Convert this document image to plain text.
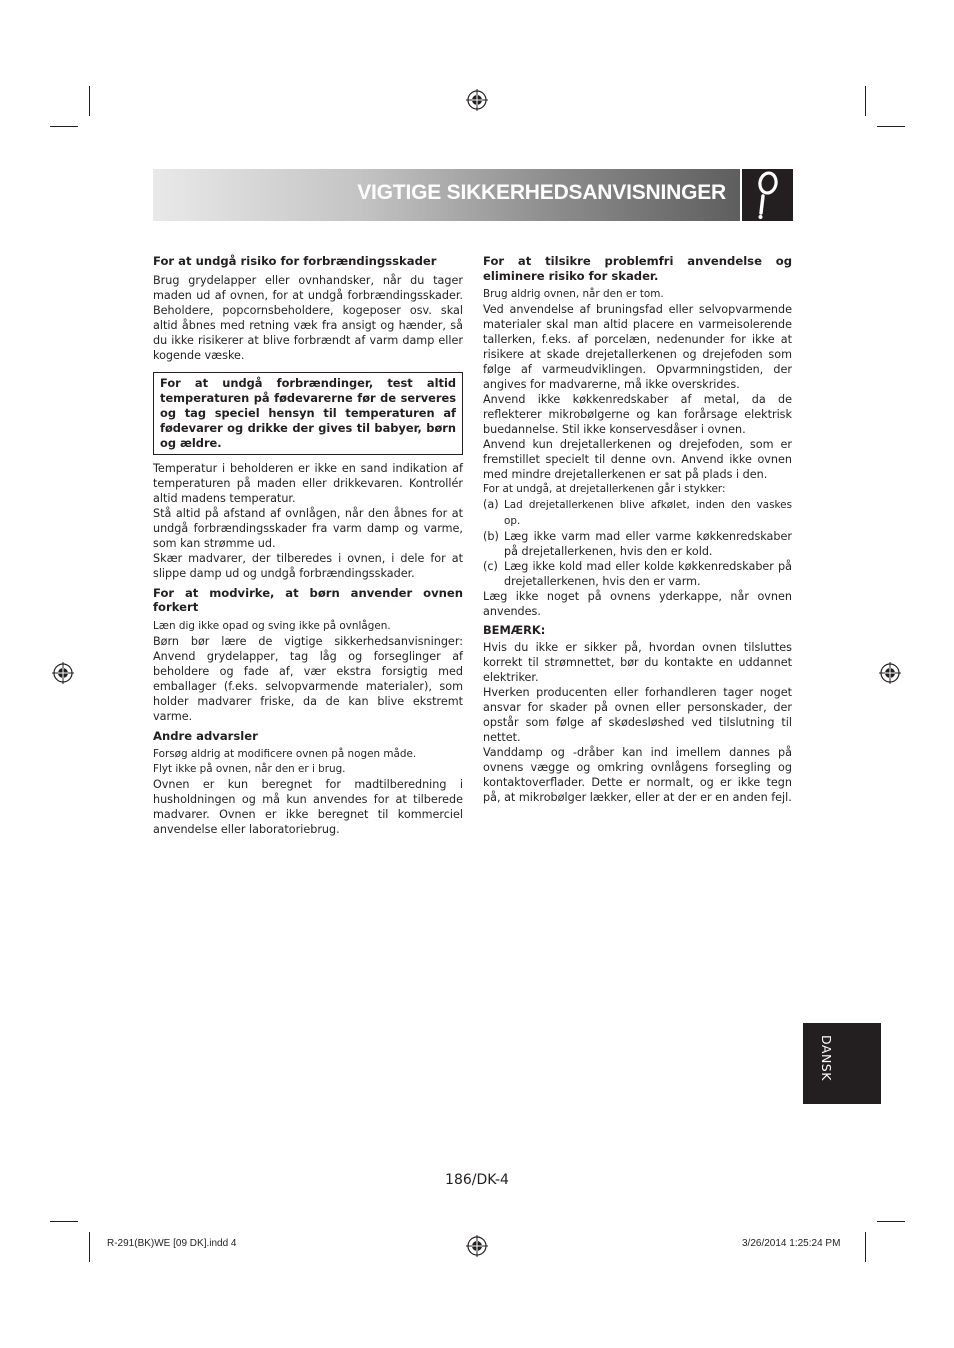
VIGTIGE SIKKERHEDSANVISNINGER
For at undgå risiko for forbrændingsskader

Brug grydelapper eller ovnhandsker, når du tager maden ud af ovnen, for at undgå forbrændingsskader. Beholdere, popcornsbeholdere, kogeposer osv. skal altid åbnes med retning væk fra ansigt og hænder, så du ikke risikerer at blive forbrændt af varm damp eller kogende væske.

For at undgå forbrændinger, test altid temperaturen på fødevarerne før de serveres og tag speciel hensyn til temperaturen af fødevarer og drikke der gives til babyer, børn og ældre.

Temperatur i beholderen er ikke en sand indikation af temperaturen på maden eller drikkevaren. Kontrollér altid madens temperatur.

Stå altid på afstand af ovnlågen, når den åbnes for at undgå forbrændingsskader fra varm damp og varme, som kan strømme ud.

Skær madvarer, der tilberedes i ovnen, i dele for at slippe damp ud og undgå forbrændingsskader.

For at modvirke, at børn anvender ovnen forkert

Læn dig ikke opad og sving ikke på ovnlågen.

Børn bør lære de vigtige sikkerhedsanvisninger: Anvend grydelapper, tag låg og forseglinger af beholdere og fade af, vær ekstra forsigtig med emballager (f.eks. selvopvarmende materialer), som holder madvarer friske, da de kan blive ekstremt varme.

Andre advarsler

Forsøg aldrig at modificere ovnen på nogen måde.

Flyt ikke på ovnen, når den er i brug.

Ovnen er kun beregnet for madtilberedning i husholdningen og må kun anvendes for at tilberede madvarer. Ovnen er ikke beregnet til kommerciel anvendelse eller laboratoriebrug.

For at tilsikre problemfri anvendelse og eliminere risiko for skader.

Brug aldrig ovnen, når den er tom.

Ved anvendelse af bruningsfad eller selvopvarmende materialer skal man altid placere en varmeisolerende tallerken, f.eks. af porcelæn, nedenunder for ikke at risikere at skade drejetallerkenen og drejefoden som følge af varmeudviklingen. Opvarmningstiden, der angives for madvarerne, må ikke overskrides.

Anvend ikke køkkenredskaber af metal, da de reflekterer mikrobølgerne og kan forårsage elektrisk buedannelse. Stil ikke konservesdåser i ovnen.

Anvend kun drejetallerkenen og drejefoden, som er fremstillet specielt til denne ovn. Anvend ikke ovnen med mindre drejetallerkenen er sat på plads i den.

For at undgå, at drejetallerkenen går i stykker:

(a) Lad drejetallerkenen blive afkølet, inden den vaskes op.
(b) Læg ikke varm mad eller varme køkkenredskaber på drejetallerkenen, hvis den er kold.
(c) Læg ikke kold mad eller kolde køkkenredskaber på drejetallerkenen, hvis den er varm.

Læg ikke noget på ovnens yderkappe, når ovnen anvendes.

BEMÆRK:

Hvis du ikke er sikker på, hvordan ovnen tilsluttes korrekt til strømnettet, bør du kontakte en uddannet elektriker.

Hverken producenten eller forhandleren tager noget ansvar for skader på ovnen eller personskader, der opstår som følge af skødesløshed ved tilslutning til nettet.

Vanddamp og -dråber kan ind imellem dannes på ovnens vægge og omkring ovnlågens forsegling og kontaktoverflader. Dette er normalt, og er ikke tegn på, at mikrobølger lækker, eller at der er en anden fejl.

DANSK
186/DK-4
R-291(BK)WE [09 DK].indd 4	3/26/2014 1:25:24 PM
